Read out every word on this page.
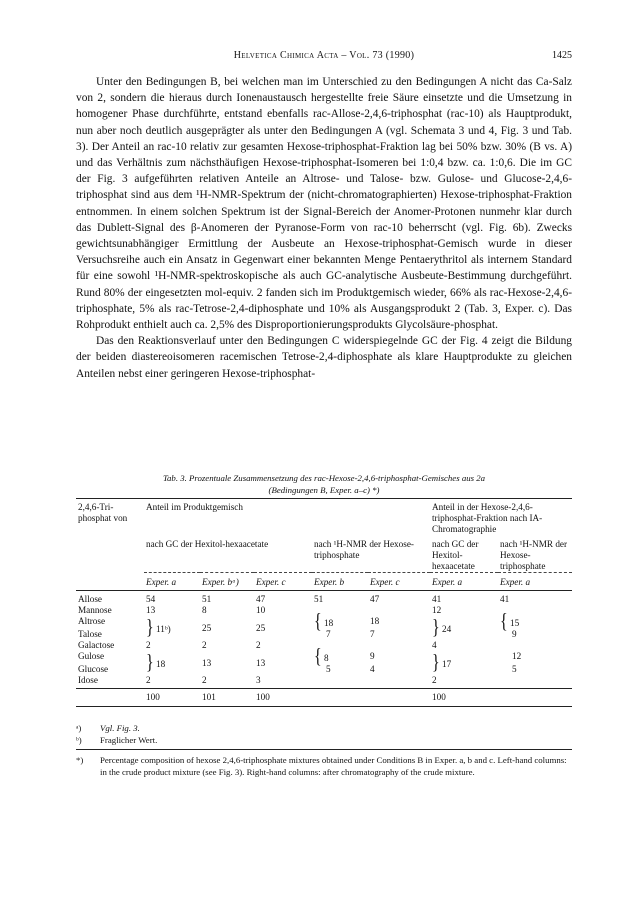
Helvetica Chimica Acta – Vol. 73 (1990)	1425

Unter den Bedingungen B, bei welchen man im Unterschied zu den Bedingungen A nicht das Ca-Salz von 2, sondern die hieraus durch Ionenaustausch hergestellte freie Säure einsetzte und die Umsetzung in homogener Phase durchführte, entstand ebenfalls rac-Allose-2,4,6-triphosphat (rac-10) als Hauptprodukt, nun aber noch deutlich ausgeprägter als unter den Bedingungen A (vgl. Schemata 3 und 4, Fig. 3 und Tab. 3). Der Anteil an rac-10 relativ zur gesamten Hexose-triphosphat-Fraktion lag bei 50% bzw. 30% (B vs. A) und das Verhältnis zum nächsthäufigen Hexose-triphosphat-Isomeren bei 1:0,4 bzw. ca. 1:0,6. Die im GC der Fig. 3 aufgeführten relativen Anteile an Altrose- und Talose- bzw. Gulose- und Glucose-2,4,6-triphosphat sind aus dem ¹H-NMR-Spektrum der (nicht-chromatographierten) Hexose-triphosphat-Fraktion entnommen. In einem solchen Spektrum ist der Signal-Bereich der Anomer-Protonen nunmehr klar durch das Dublett-Signal des β-Anomeren der Pyranose-Form von rac-10 beherrscht (vgl. Fig. 6b). Zwecks gewichtsunabhängiger Ermittlung der Ausbeute an Hexose-triphosphat-Gemisch wurde in dieser Versuchsreihe auch ein Ansatz in Gegenwart einer bekannten Menge Pentaerythritol als internem Standard für eine sowohl ¹H-NMR-spektroskopische als auch GC-analytische Ausbeute-Bestimmung durchgeführt. Rund 80% der eingesetzten mol-equiv. 2 fanden sich im Produktgemisch wieder, 66% als rac-Hexose-2,4,6-triphosphate, 5% als rac-Tetrose-2,4-diphosphate und 10% als Ausgangsprodukt 2 (Tab. 3, Exper. c). Das Rohprodukt enthielt auch ca. 2,5% des Disproportionierungsprodukts Glycolsäure-phosphat.

Das den Reaktionsverlauf unter den Bedingungen C widerspiegelnde GC der Fig. 4 zeigt die Bildung der beiden diastereoisomeren racemischen Tetrose-2,4-diphosphate als klare Hauptprodukte zu gleichen Anteilen nebst einer geringeren Hexose-triphosphat-

Tab. 3. Prozentuale Zusammensetzung des rac-Hexose-2,4,6-triphosphat-Gemisches aus 2a
(Bedingungen B, Exper. a–c) *)
2,4,6-Tri-phosphat von	Anteil im Produktgemisch					Anteil in der Hexose-2,4,6-triphosphat-Fraktion nach IA-Chromatographie	
	nach GC der Hexitol-hexaacetate			nach ¹H-NMR der Hexose-triphosphate		nach GC der Hexitol-hexaacetate	nach ¹H-NMR der Hexose-triphosphate
	Exper. a	Exper. bᵃ)	Exper. c	Exper. b	Exper. c	Exper. a	Exper. a
Allose	54	51	47	51	47	41	41
Mannose	13	8	10			12	
Altrose	} 11ᵇ)	25	25	{ 18	18	} 24	{ 15
Talose				7	7		9
Galactose	2	2	2			4	
Gulose	} 18	13	13	{ 8	9	} 17	12
Glucose				5	4		5
Idose	2	2	3			2	
	100	101	100			100	
ᵃ)	Vgl. Fig. 3.
ᵇ)	Fraglicher Wert.
*)	Percentage composition of hexose 2,4,6-triphosphate mixtures obtained under Conditions B in Exper. a, b and c. Left-hand columns: in the crude product mixture (see Fig. 3). Right-hand columns: after chromatography of the crude mixture.
